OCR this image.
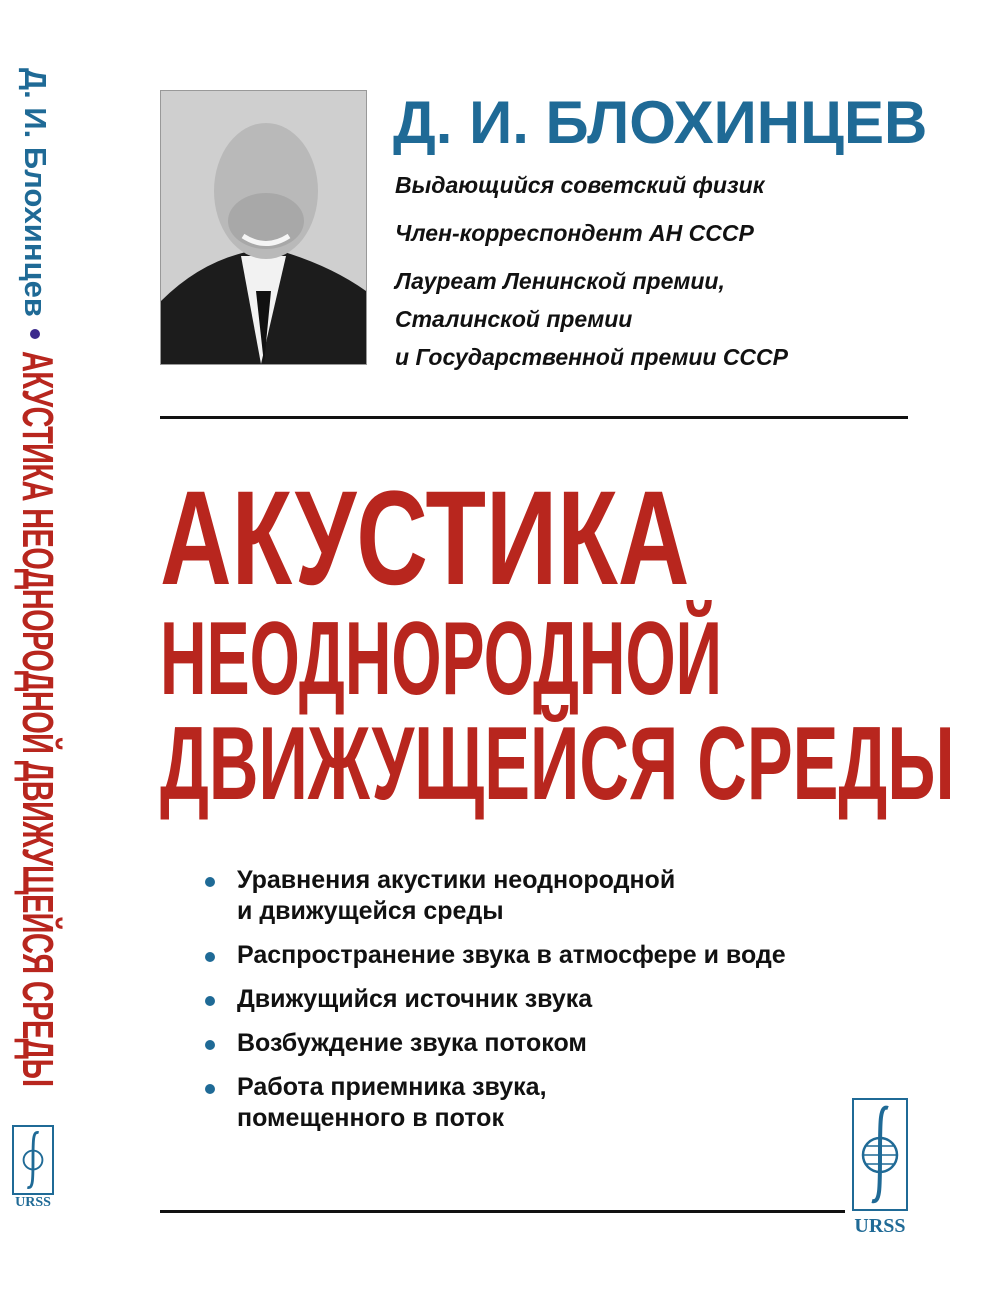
Д. И. Блохинцев
АКУСТИКА НЕОДНОРОДНОЙ ДВИЖУЩЕЙСЯ СРЕДЫ
URSS
Д. И. БЛОХИНЦЕВ
Выдающийся советский физик
Член-корреспондент АН СССР
Лауреат Ленинской премии,
Сталинской премии
и Государственной премии СССР
АКУСТИКА
НЕОДНОРОДНОЙ
ДВИЖУЩЕЙСЯ СРЕДЫ
Уравнения акустики неоднородной
и движущейся среды
Распространение звука в атмосфере и воде
Движущийся источник звука
Возбуждение звука потоком
Работа приемника звука,
помещенного в поток
URSS
